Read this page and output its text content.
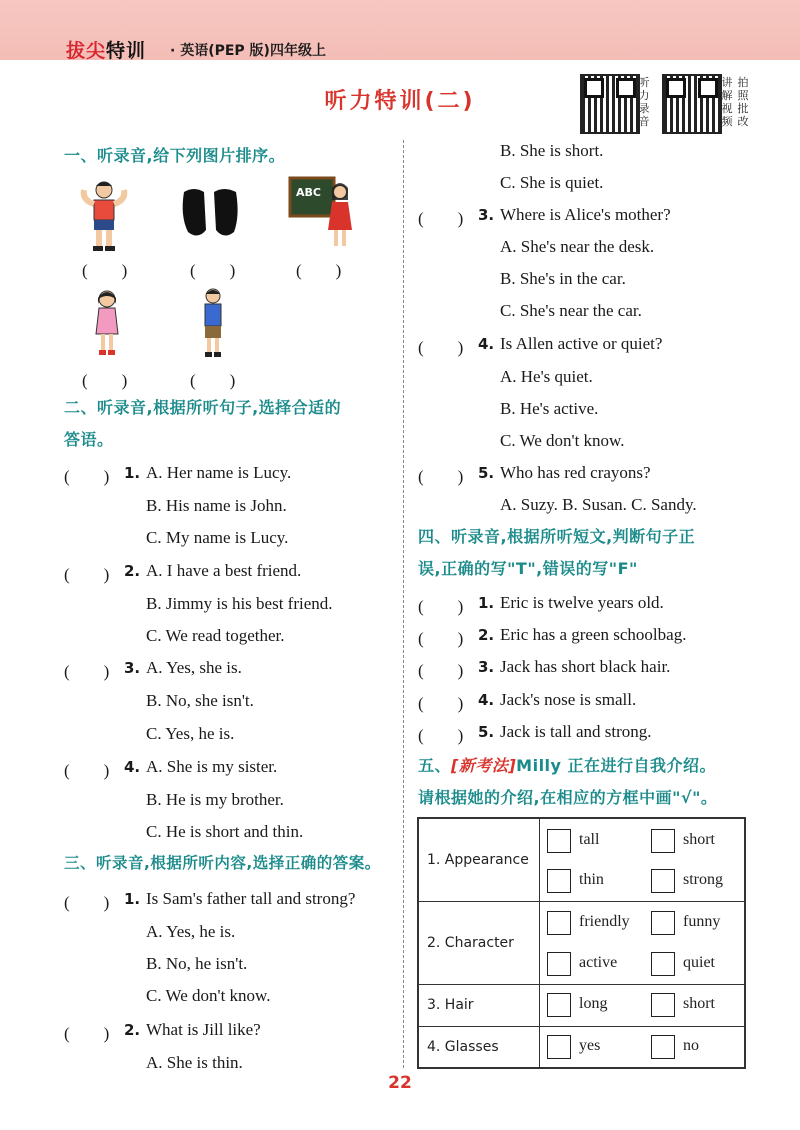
拔尖特训 · 英语(PEP 版)四年级上
听力特训(二)
听力录音
讲解视频
拍照批改
一、听录音,给下列图片排序。
ABC
(　　)	(　　)	(　　)
(　　)	(　　)
二、听录音,根据所听句子,选择合适的
答语。
(　　) 1. A. Her name is Lucy.
B. His name is John.
C. My name is Lucy.
(　　) 2. A. I have a best friend.
B. Jimmy is his best friend.
C. We read together.
(　　) 3. A. Yes, she is.
B. No, she isn't.
C. Yes, he is.
(　　) 4. A. She is my sister.
B. He is my brother.
C. He is short and thin.
三、听录音,根据所听内容,选择正确的答案。
(　　) 1. Is Sam's father tall and strong?
A. Yes, he is.
B. No, he isn't.
C. We don't know.
(　　) 2. What is Jill like?
A. She is thin.
B. She is short.
C. She is quiet.
(　　) 3. Where is Alice's mother?
A. She's near the desk.
B. She's in the car.
C. She's near the car.
(　　) 4. Is Allen active or quiet?
A. He's quiet.
B. He's active.
C. We don't know.
(　　) 5. Who has red crayons?
A. Suzy. B. Susan. C. Sandy.
四、听录音,根据所听短文,判断句子正
误,正确的写"T",错误的写"F"
(　　) 1. Eric is twelve years old.
(　　) 2. Eric has a green schoolbag.
(　　) 3. Jack has short black hair.
(　　) 4. Jack's nose is small.
(　　) 5. Jack is tall and strong.
五、[新考法]Milly 正在进行自我介绍。
请根据她的介绍,在相应的方框中画"√"。
1. Appearance
tall	short
thin	strong
2. Character
friendly	funny
active	quiet
3. Hair	long	short
4. Glasses	yes	no
22
